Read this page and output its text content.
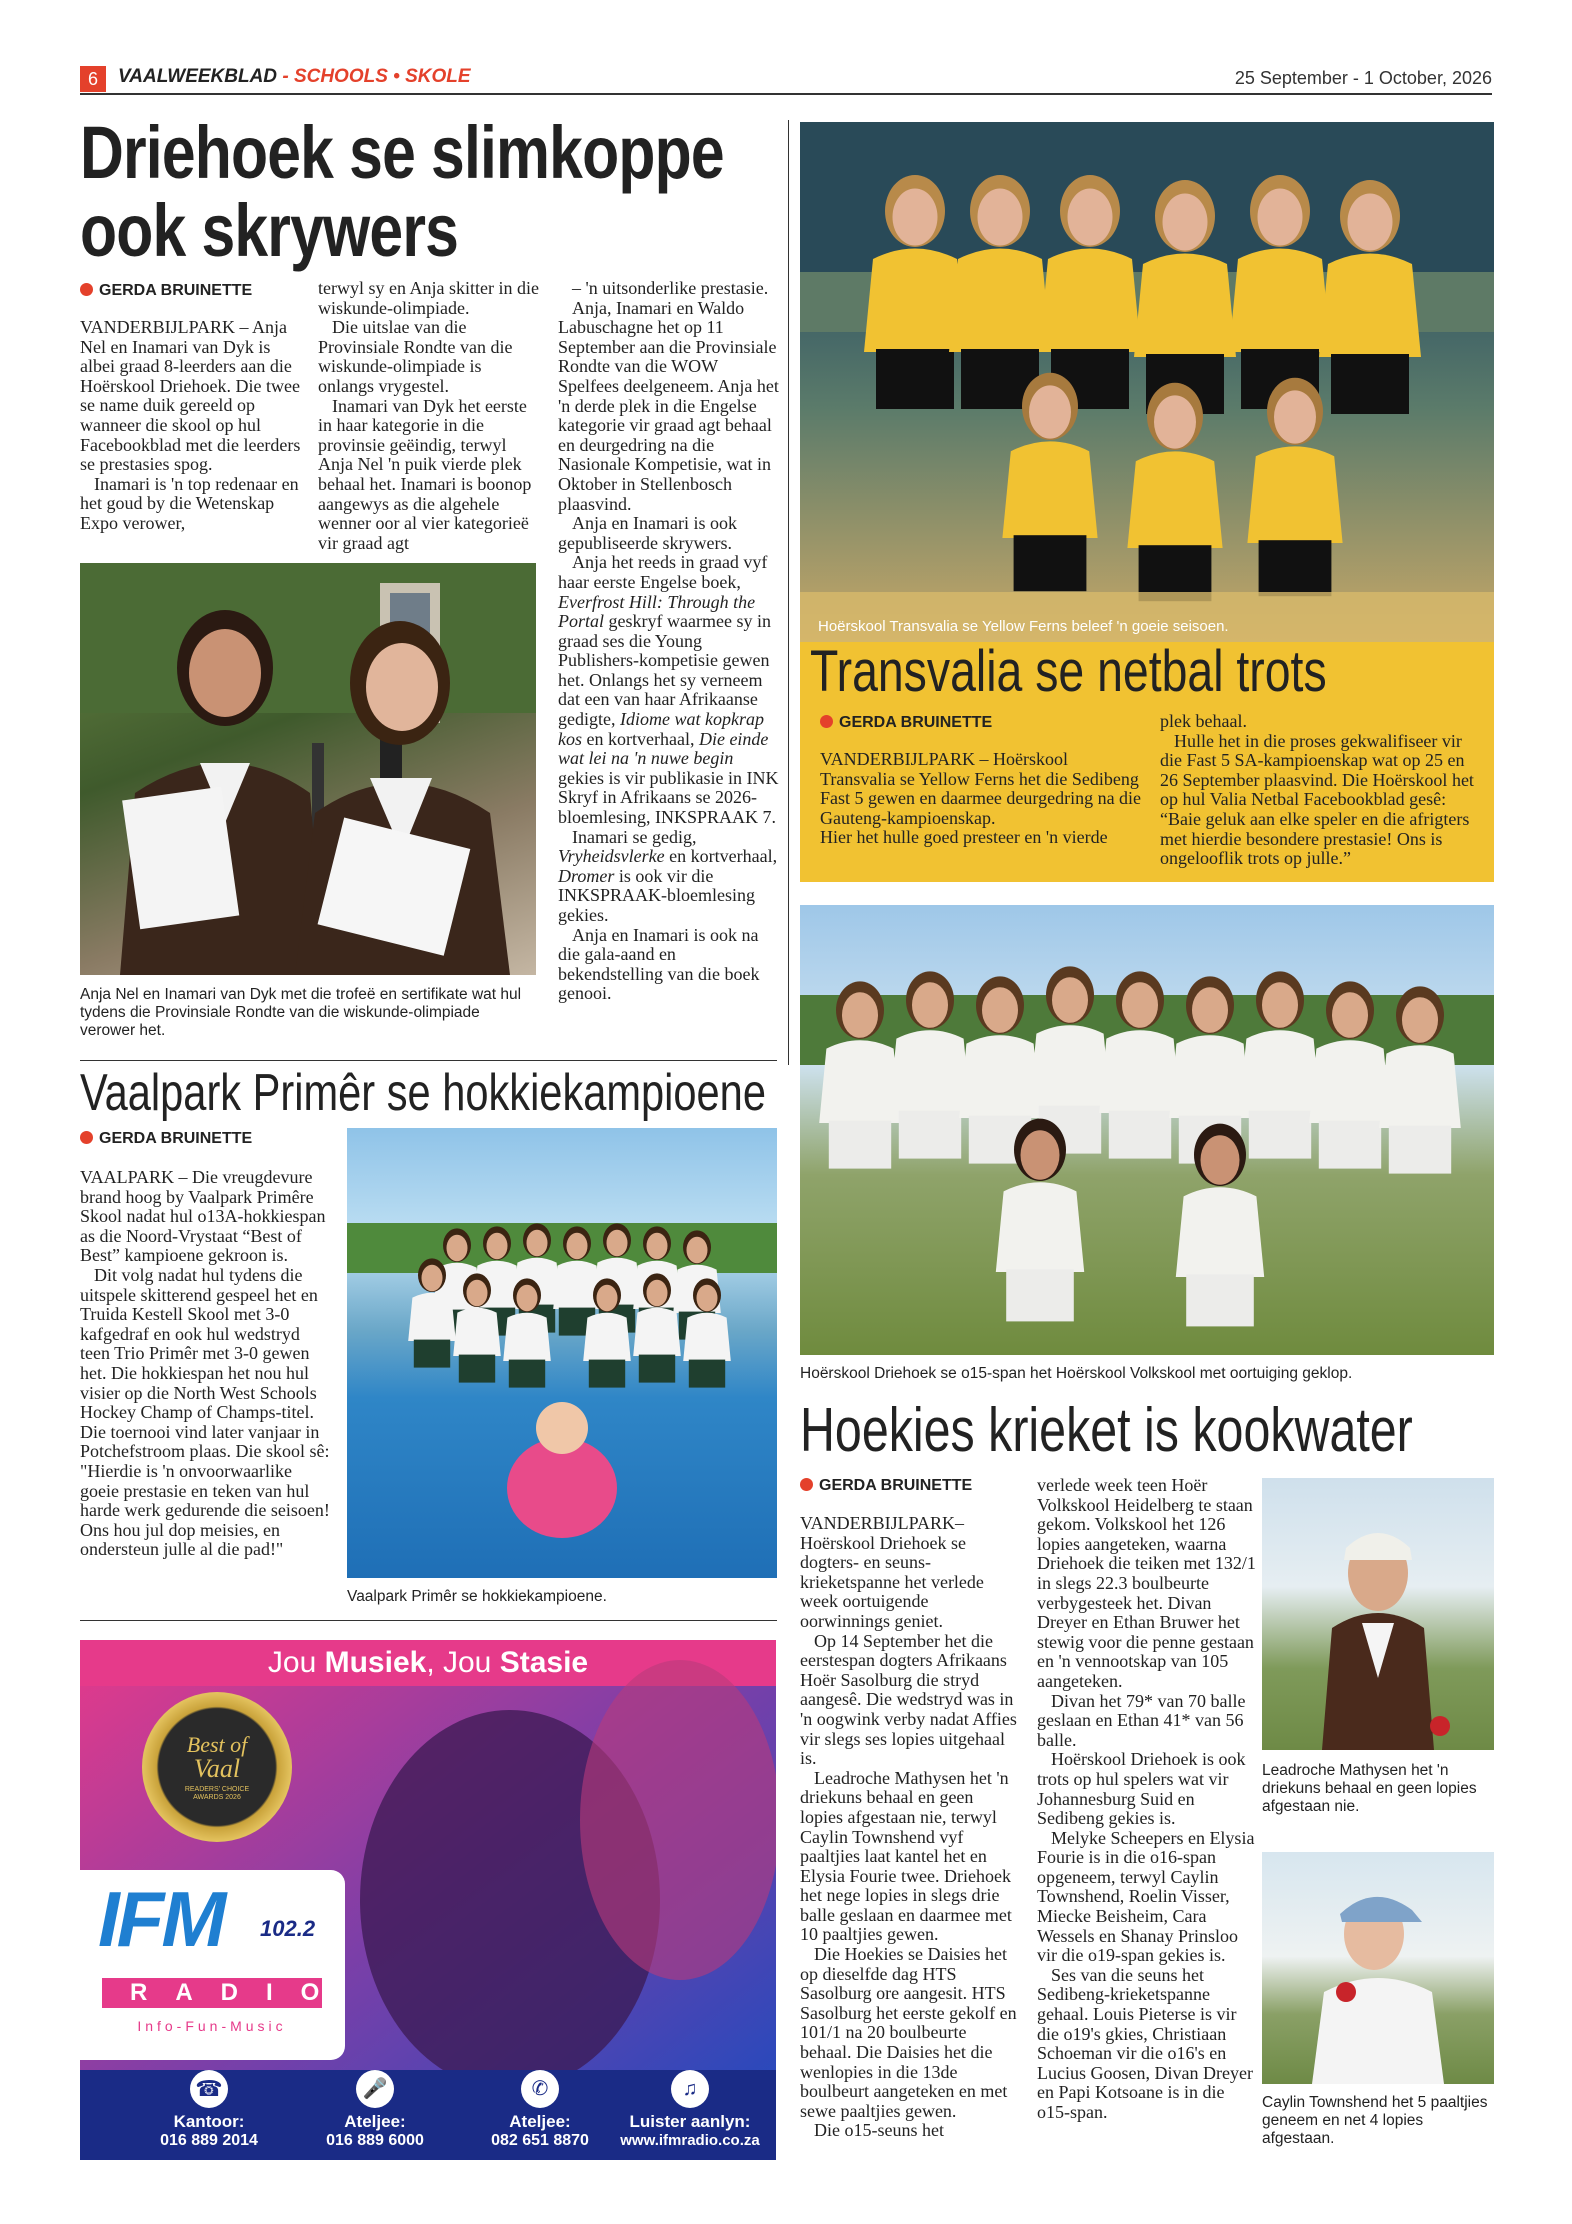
6	VAALWEEKBLAD - SCHOOLS • SKOLE	25 September - 1 October, 2026
Driehoek se slimkoppe
ook skrywers
GERDA BRUINETTE

VANDERBIJLPARK – Anja Nel en Inamari van Dyk is albei graad 8-leerders aan die Hoërskool Driehoek. Die twee se name duik gereeld op wanneer die skool op hul Facebookblad met die leerders se prestasies spog.

Inamari is 'n top redenaar en het goud by die Wetenskap Expo verower,

terwyl sy en Anja skitter in die wiskunde-olimpiade.

Die uitslae van die Provinsiale Rondte van die wiskunde-olimpiade is onlangs vrygestel.

Inamari van Dyk het eerste in haar kategorie in die provinsie geëindig, terwyl Anja Nel 'n puik vierde plek behaal het. Inamari is boonop aangewys as die algehele wenner oor al vier kategorieë vir graad agt

– 'n uitsonderlike prestasie.

Anja, Inamari en Waldo Labuschagne het op 11 September aan die Provinsiale Rondte van die WOW Spelfees deelgeneem. Anja het 'n derde plek in die Engelse kategorie vir graad agt behaal en deurgedring na die Nasionale Kompetisie, wat in Oktober in Stellenbosch plaasvind.

Anja en Inamari is ook gepubliseerde skrywers.

Anja het reeds in graad vyf haar eerste Engelse boek, Everfrost Hill: Through the Portal geskryf waarmee sy in graad ses die Young Publishers-kompetisie gewen het. Onlangs het sy verneem dat een van haar Afrikaanse gedigte, Idiome wat kopkrap kos en kortverhaal, Die einde wat lei na 'n nuwe begin gekies is vir publikasie in INK Skryf in Afrikaans se 2026-bloemlesing, INKSPRAAK 7.

Inamari se gedig, Vryheidsvlerke en kortverhaal, Dromer is ook vir die INKSPRAAK-bloemlesing gekies.

Anja en Inamari is ook na die gala-aand en bekendstelling van die boek genooi.

Anja Nel en Inamari van Dyk met die trofeë en sertifikate wat hul tydens die Provinsiale Rondte van die wiskunde-olimpiade verower het.
Hoërskool Transvalia se Yellow Ferns beleef 'n goeie seisoen.
Transvalia se netbal trots
GERDA BRUINETTE

VANDERBIJLPARK – Hoërskool Transvalia se Yellow Ferns het die Sedibeng Fast 5 gewen en daarmee deurgedring na die Gauteng-kampioenskap.

Hier het hulle goed presteer en 'n vierde

plek behaal.

Hulle het in die proses gekwalifiseer vir die Fast 5 SA-kampioenskap wat op 25 en 26 September plaasvind. Die Hoërskool het op hul Valia Netbal Facebookblad gesê: “Baie geluk aan elke speler en die afrigters met hierdie besondere prestasie! Ons is ongelooflik trots op julle.”

Vaalpark Primêr se hokkiekampioene
GERDA BRUINETTE

VAALPARK – Die vreugdevure brand hoog by Vaalpark Primêre Skool nadat hul o13A-hokkiespan as die Noord-Vrystaat “Best of Best” kampioene gekroon is.

Dit volg nadat hul tydens die uitspele skitterend gespeel het en Truida Kestell Skool met 3-0 kafgedraf en ook hul wedstryd teen Trio Primêr met 3-0 gewen het. Die hokkiespan het nou hul visier op die North West Schools Hockey Champ of Champs-titel. Die toernooi vind later vanjaar in Potchefstroom plaas. Die skool sê: "Hierdie is 'n onvoorwaarlike goeie prestasie en teken van hul harde werk gedurende die seisoen! Ons hou jul dop meisies, en ondersteun julle al die pad!"

Vaalpark Primêr se hokkiekampioene.
Jou Musiek, Jou Stasie
Best of
Vaal
READERS' CHOICE AWARDS 2026
IFM 102.2
RADIO
Info-Fun-Music
☎
Kantoor:
016 889 2014
🎤
Ateljee:
016 889 6000
✆
Ateljee:
082 651 8870
♫
Luister aanlyn:
www.ifmradio.co.za
Hoërskool Driehoek se o15-span het Hoërskool Volkskool met oortuiging geklop.
Hoekies krieket is kookwater
GERDA BRUINETTE

VANDERBIJLPARK– Hoërskool Driehoek se dogters- en seuns-krieketspanne het verlede week oortuigende oorwinnings geniet.

Op 14 September het die eerstespan dogters Afrikaans Hoër Sasolburg die stryd aangesê. Die wedstryd was in 'n oogwink verby nadat Affies vir slegs ses lopies uitgehaal is.

Leadroche Mathysen het 'n driekuns behaal en geen lopies afgestaan nie, terwyl Caylin Townshend vyf paaltjies laat kantel het en Elysia Fourie twee. Driehoek het nege lopies in slegs drie balle geslaan en daarmee met 10 paaltjies gewen.

Die Hoekies se Daisies het op dieselfde dag HTS Sasolburg ore aangesit. HTS Sasolburg het eerste gekolf en 101/1 na 20 boulbeurte behaal. Die Daisies het die wenlopies in die 13de boulbeurt aangeteken en met sewe paaltjies gewen.

Die o15-seuns het

verlede week teen Hoër Volkskool Heidelberg te staan gekom. Volkskool het 126 lopies aangeteken, waarna Driehoek die teiken met 132/1 in slegs 22.3 boulbeurte verbygesteek het. Divan Dreyer en Ethan Bruwer het stewig voor die penne gestaan en 'n vennootskap van 105 aangeteken.

Divan het 79* van 70 balle geslaan en Ethan 41* van 56 balle.

Hoërskool Driehoek is ook trots op hul spelers wat vir Johannesburg Suid en Sedibeng gekies is.

Melyke Scheepers en Elysia Fourie is in die o16-span opgeneem, terwyl Caylin Townshend, Roelin Visser, Miecke Beisheim, Cara Wessels en Shanay Prinsloo vir die o19-span gekies is.

Ses van die seuns het Sedibeng-krieketspanne gehaal. Louis Pieterse is vir die o19's gkies, Christiaan Schoeman vir die o16's en Lucius Goosen, Divan Dreyer en Papi Kotsoane is in die o15-span.

Leadroche Mathysen het 'n driekuns behaal en geen lopies afgestaan nie.
Caylin Townshend het 5 paaltjies geneem en net 4 lopies afgestaan.
